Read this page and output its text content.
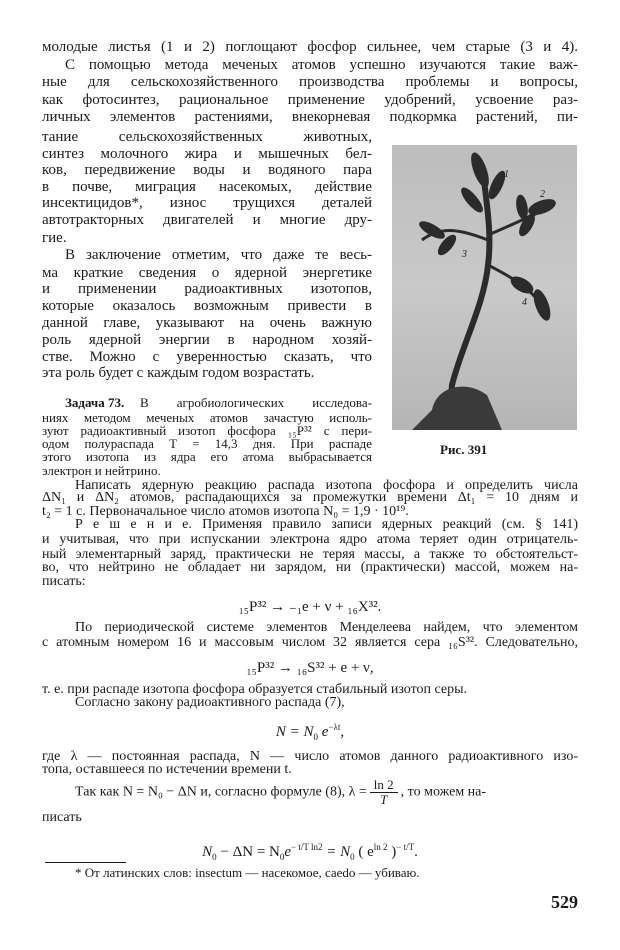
молодые листья (1 и 2) поглощают фосфор сильнее, чем старые (3 и 4).
С помощью метода меченых атомов успешно изучаются такие важ-
ные для сельскохозяйственного производства проблемы и вопросы,
как фотосинтез, рациональное применение удобрений, усвоение раз-
личных элементов растениями, внекорневая подкормка растений, пи-
тание сельскохозяйственных животных,
синтез молочного жира и мышечных бел-
ков, передвижение воды и водяного пара
в почве, миграция насекомых, действие
инсектицидов*, износ трущихся деталей
автотракторных двигателей и многие дру-
гие.
В заключение отметим, что даже те весь-
ма краткие сведения о ядерной энергетике
и применении радиоактивных изотопов,
которые оказалось возможным привести в
данной главе, указывают на очень важную
роль ядерной энергии в народном хозяй-
стве. Можно с уверенностью сказать, что
эта роль будет с каждым годом возрастать.
В агробиологических исследова-
ниях методом меченых атомов зачастую исполь-
зуют радиоактивный изотоп фосфора ₁₅P³² с пери-
одом полураспада T = 14,3 дня. При распаде
этого изотопа из ядра его атома выбрасывается
электрон и нейтрино.
Написать ядерную реакцию распада изотопа фосфора и определить числа
ΔN₁ и ΔN₂ атомов, распадающихся за промежутки времени Δt₁ = 10 дням и
t₂ = 1 с. Первоначальное число атомов изотопа N₀ = 1,9 · 10¹⁹.
Р е ш е н и е. Применяя правило записи ядерных реакций (см. § 141)
и учитывая, что при испускании электрона ядро атома теряет один отрицатель-
ный элементарный заряд, практически не теряя массы, а также то обстоятельст-
во, что нейтрино не обладает ни зарядом, ни (практически) массой, можем на-
писать:
По периодической системе элементов Менделеева найдем, что элементом
с атомным номером 16 и массовым числом 32 является сера ₁₆S³². Следовательно,
т. е. при распаде изотопа фосфора образуется стабильный изотоп серы.
Согласно закону радиоактивного распада (7),
где λ — постоянная распада, N — число атомов данного радиоактивного изо-
топа, оставшееся по истечении времени t.
писать
1
2
3
4
Рис. 391
Задача 73.
₁₅P³² → ₋₁e + ν + ₁₆X³².
₁₅P³² → ₁₆S³² + e + ν,
$N = N_0$ $e^{-\lambda t}$,
Так как N = N₀ − ΔN и, согласно формуле (8), $\lambda = \frac{\ln 2}{T}$ , то можем на-
$N_0 - \Delta N = N_0e^{- t/T ln2} = N_0$ ( $e^{ln 2}$ )$^{- t/T}$.
* От латинских слов: insectum — насекомое, caedo — убиваю.
529
